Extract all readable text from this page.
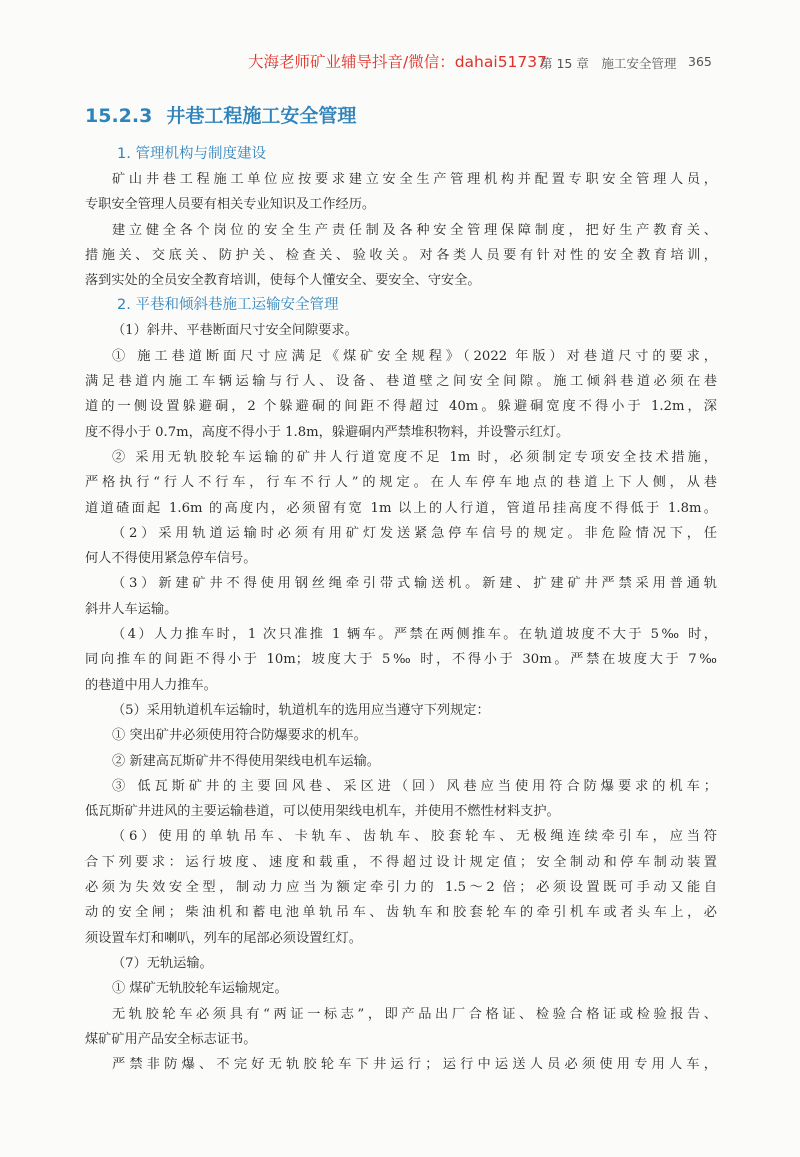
大海老师矿业辅导抖音/微信：dahai51737
第 15 章　施工安全管理 365
15.2.3 井巷工程施工安全管理
1. 管理机构与制度建设
矿山井巷工程施工单位应按要求建立安全生产管理机构并配置专职安全管理人员，
专职安全管理人员要有相关专业知识及工作经历。
建立健全各个岗位的安全生产责任制及各种安全管理保障制度，把好生产教育关、
措施关、交底关、防护关、检查关、验收关。对各类人员要有针对性的安全教育培训，
落到实处的全员安全教育培训，使每个人懂安全、要安全、守安全。
2. 平巷和倾斜巷施工运输安全管理
（1）斜井、平巷断面尺寸安全间隙要求。
① 施工巷道断面尺寸应满足《煤矿安全规程》（2022 年版）对巷道尺寸的要求，
满足巷道内施工车辆运输与行人、设备、巷道壁之间安全间隙。施工倾斜巷道必须在巷
道的一侧设置躲避硐，2 个躲避硐的间距不得超过 40m。躲避硐宽度不得小于 1.2m，深
度不得小于 0.7m，高度不得小于 1.8m，躲避硐内严禁堆积物料，并设警示红灯。
② 采用无轨胶轮车运输的矿井人行道宽度不足 1m 时，必须制定专项安全技术措施，
严格执行“行人不行车，行车不行人”的规定。在人车停车地点的巷道上下人侧，从巷
道道碴面起 1.6m 的高度内，必须留有宽 1m 以上的人行道，管道吊挂高度不得低于 1.8m。
（2）采用轨道运输时必须有用矿灯发送紧急停车信号的规定。非危险情况下，任
何人不得使用紧急停车信号。
（3）新建矿井不得使用钢丝绳牵引带式输送机。新建、扩建矿井严禁采用普通轨
斜井人车运输。
（4）人力推车时，1 次只准推 1 辆车。严禁在两侧推车。在轨道坡度不大于 5‰ 时，
同向推车的间距不得小于 10m；坡度大于 5‰ 时，不得小于 30m。严禁在坡度大于 7‰
的巷道中用人力推车。
（5）采用轨道机车运输时，轨道机车的选用应当遵守下列规定：
① 突出矿井必须使用符合防爆要求的机车。
② 新建高瓦斯矿井不得使用架线电机车运输。
③ 低瓦斯矿井的主要回风巷、采区进（回）风巷应当使用符合防爆要求的机车；
低瓦斯矿井进风的主要运输巷道，可以使用架线电机车，并使用不燃性材料支护。
（6）使用的单轨吊车、卡轨车、齿轨车、胶套轮车、无极绳连续牵引车，应当符
合下列要求：运行坡度、速度和载重，不得超过设计规定值；安全制动和停车制动装置
必须为失效安全型，制动力应当为额定牵引力的 1.5～2 倍；必须设置既可手动又能自
动的安全闸；柴油机和蓄电池单轨吊车、齿轨车和胶套轮车的牵引机车或者头车上，必
须设置车灯和喇叭，列车的尾部必须设置红灯。
（7）无轨运输。
① 煤矿无轨胶轮车运输规定。
无轨胶轮车必须具有“两证一标志”，即产品出厂合格证、检验合格证或检验报告、
煤矿矿用产品安全标志证书。
严禁非防爆、不完好无轨胶轮车下井运行；运行中运送人员必须使用专用人车，
